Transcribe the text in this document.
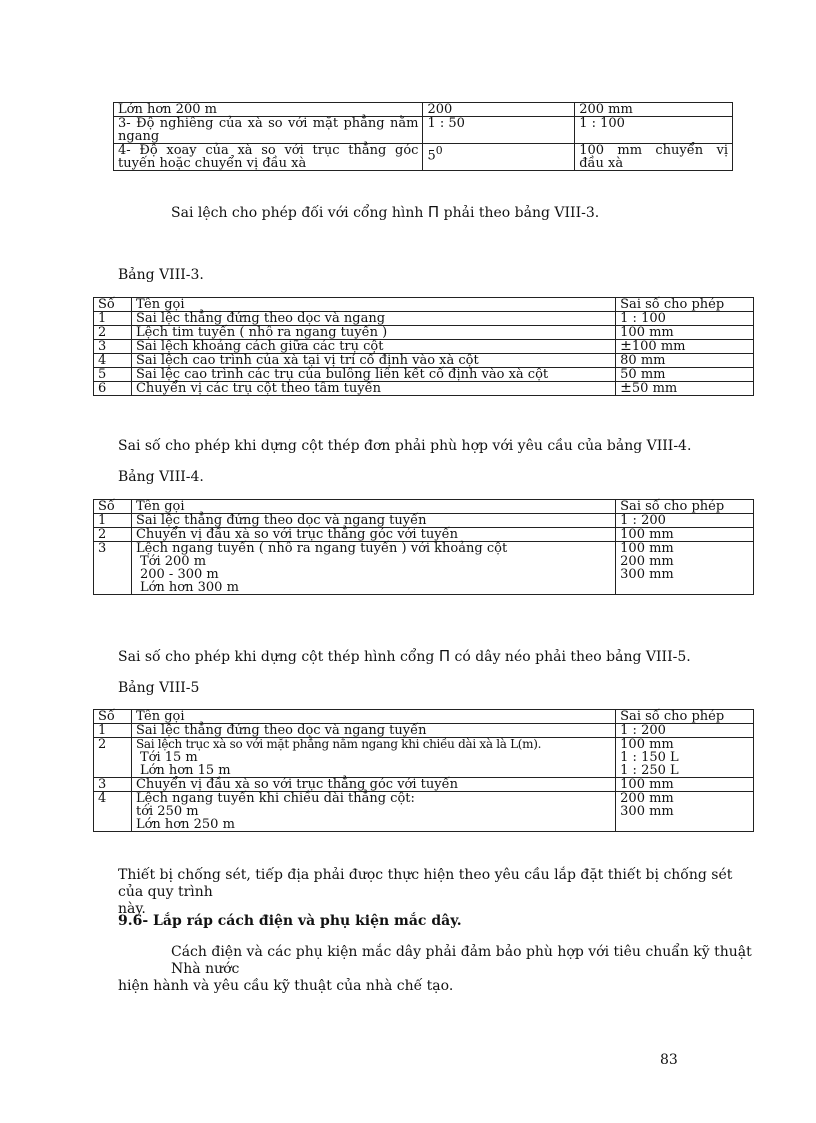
Lớn hơn 200 m	200	200 mm
3- Độ nghiêng của xà so với mặt phẳng nằm ngang	1 : 50	1 : 100
4- Độ xoay của xà so với trục thẳng góc tuyến hoặc chuyển vị đầu xà	$5^0$	100 mm chuyển vị đầu xà
Sai lệch cho phép đối với cổng hình Π phải theo bảng VIII-3.
Bảng VIII-3.
Số	Tên gọi	Sai số cho phép
1	Sai lệc thẳng đứng theo dọc và ngang	1 : 100
2	Lệch tim tuyến ( nhô ra ngang tuyến )	100 mm
3	Sai lệch khoảng cách giữa các trụ cột	±100 mm
4	Sai lệch cao trình của xà tại vị trí cố định vào xà cột	80 mm
5	Sai lệc cao trình các trụ của bulông liên kết cố định vào xà cột	50 mm
6	Chuyển vị các trụ cột theo tâm tuyến	±50 mm
Sai số cho phép khi dựng cột thép đơn phải phù hợp với yêu cầu của bảng VIII-4.
Bảng VIII-4.
Số	Tên gọi	Sai số cho phép
1	Sai lệc thẳng đứng theo dọc và ngang tuyến	1 : 200
2	Chuyển vị đầu xà so với trục thẳng góc với tuyến	100 mm
3	Lệch ngang tuyến ( nhô ra ngang tuyến ) với khoảng cột
Tới 200 m
200 - 300 m
Lớn hơn 300 m	100 mm
200 mm
300 mm
Sai số cho phép khi dựng cột thép hình cổng Π có dây néo phải theo bảng VIII-5.
Bảng VIII-5
Số	Tên gọi	Sai số cho phép
1	Sai lệc thẳng đứng theo dọc và ngang tuyến	1 : 200
2	Sai lệch trục xà so với mặt phẳng nằm ngang khi chiều dài xà là L(m).
Tới 15 m
Lớn hơn 15 m	100 mm
1 : 150 L
1 : 250 L

3	Chuyển vị đầu xà so với trục thẳng góc với tuyến	100 mm
4	Lệch ngang tuyến khi chiều dài thẳng cột:
tới 250 m
Lớn hơn 250 m	200 mm
300 mm
Thiết bị chống sét, tiếp địa phải đưọc thực hiện theo yêu cầu lắp đặt thiết bị chống sét của quy trình
này.
9.6- Lắp ráp cách điện và phụ kiện mắc dây.
Cách điện và các phụ kiện mắc dây phải đảm bảo phù hợp với tiêu chuẩn kỹ thuật Nhà nước
hiện hành và yêu cầu kỹ thuật của nhà chế tạo.
83
